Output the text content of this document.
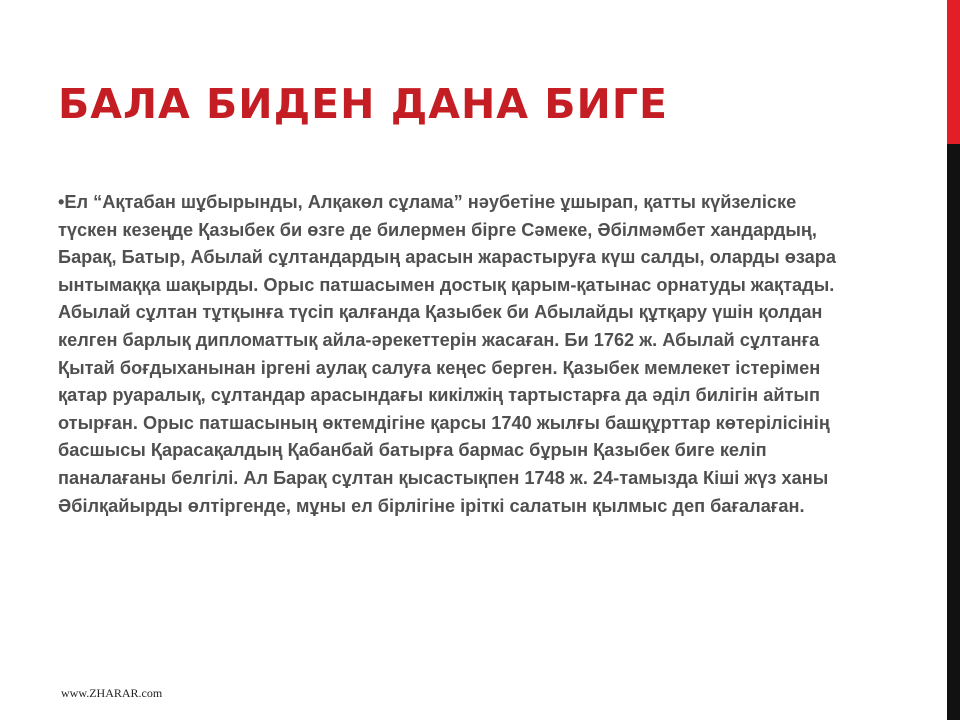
БАЛА БИДЕН ДАНА БИГЕ
•Ел “Ақтабан шұбырынды, Алқакөл сұлама” нәубетіне ұшырап, қатты күйзеліске түскен кезеңде Қазыбек би өзге де билермен бірге Сәмеке, Әбілмәмбет хандардың, Барақ, Батыр, Абылай сұлтандардың арасын жарастыруға күш салды, оларды өзара ынтымаққа шақырды. Орыс патшасымен достық қарым-қатынас орнатуды жақтады. Абылай сұлтан тұтқынға түсіп қалғанда Қазыбек би Абылайды құтқару үшін қолдан келген барлық дипломаттық айла-әрекеттерін жасаған. Би 1762 ж. Абылай сұлтанға Қытай боғдыханынан іргені аулақ салуға кеңес берген. Қазыбек мемлекет істерімен қатар руаралық, сұлтандар арасындағы кикілжің тартыстарға да әділ билігін айтып отырған. Орыс патшасының өктемдігіне қарсы 1740 жылғы башқұрттар көтерілісінің басшысы Қарасақалдың Қабанбай батырға бармас бұрын Қазыбек биге келіп паналағаны белгілі. Ал Барақ сұлтан қысастықпен 1748 ж. 24-тамызда Кіші жүз ханы Әбілқайырды өлтіргенде, мұны ел бірлігіне іріткі салатын қылмыс деп бағалаған.
www.ZHARAR.com
